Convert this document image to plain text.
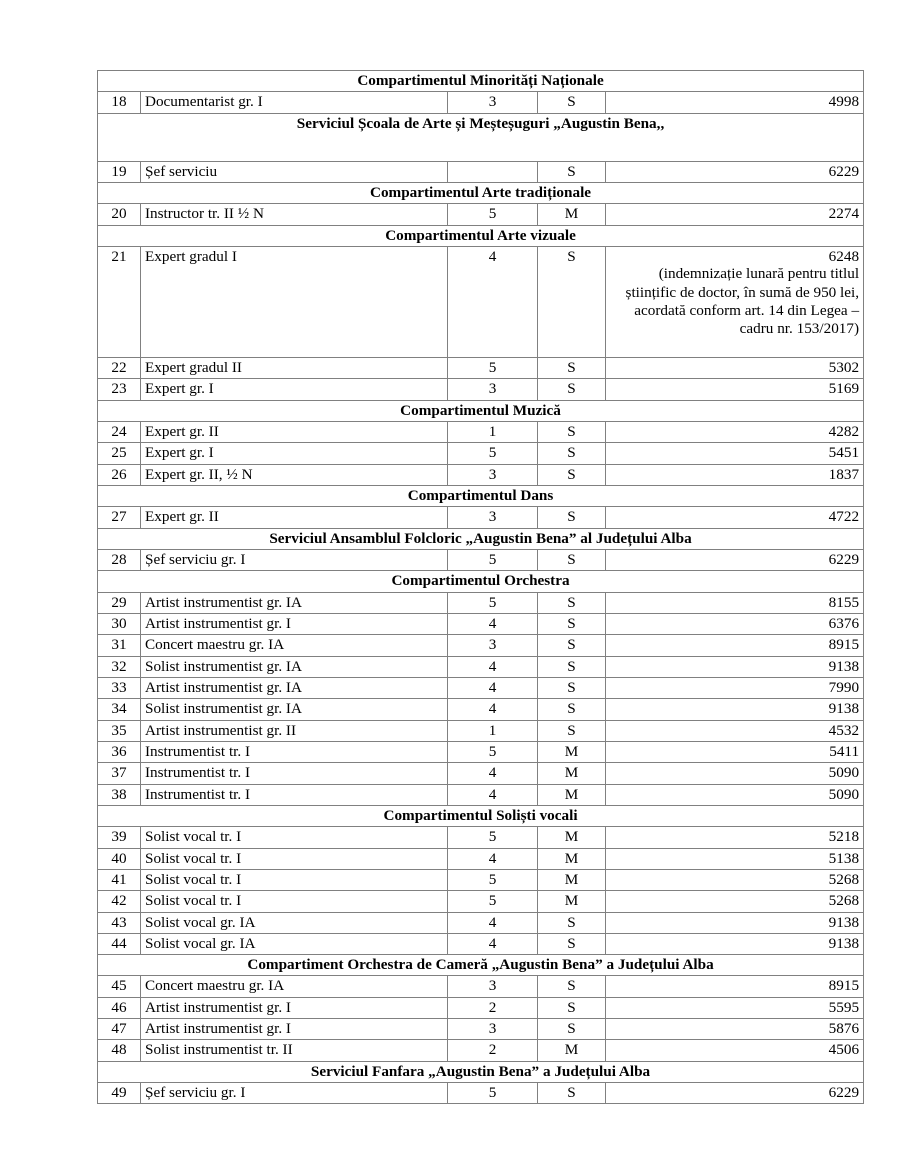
Compartimentul Minorități Naționale				
18	Documentarist gr. I	3	S	4998

Serviciul Școala de Arte și Meșteșuguri „Augustin Bena,,				
19	Șef serviciu		S	6229

Compartimentul Arte tradiționale				
20	Instructor tr. II ½ N	5	M	2274

Compartimentul Arte vizuale				
21	Expert gradul I	4	S	6248
(indemnizație lunară pentru titlul științific de doctor, în sumă de 950 lei, acordată conform art. 14 din Legea – cadru nr. 153/2017)

22	Expert gradul II	5	S	5302

23	Expert gr. I	3	S	5169

Compartimentul Muzică				
24	Expert gr. II	1	S	4282

25	Expert gr. I	5	S	5451

26	Expert gr. II, ½ N	3	S	1837

Compartimentul Dans				
27	Expert gr. II	3	S	4722

Serviciul Ansamblul Folcloric „Augustin Bena” al Județului Alba				
28	Șef serviciu gr. I	5	S	6229

Compartimentul Orchestra				
29	Artist instrumentist gr. IA	5	S	8155

30	Artist instrumentist gr. I	4	S	6376

31	Concert maestru gr. IA	3	S	8915

32	Solist instrumentist gr. IA	4	S	9138

33	Artist instrumentist gr. IA	4	S	7990

34	Solist instrumentist gr. IA	4	S	9138

35	Artist instrumentist gr. II	1	S	4532

36	Instrumentist tr. I	5	M	5411

37	Instrumentist tr. I	4	M	5090

38	Instrumentist tr. I	4	M	5090

Compartimentul Soliști vocali				
39	Solist vocal tr. I	5	M	5218

40	Solist vocal tr. I	4	M	5138

41	Solist vocal tr. I	5	M	5268

42	Solist vocal tr. I	5	M	5268

43	Solist vocal gr. IA	4	S	9138

44	Solist vocal gr. IA	4	S	9138

Compartiment Orchestra de Cameră „Augustin Bena” a Județului Alba				
45	Concert maestru gr. IA	3	S	8915

46	Artist instrumentist gr. I	2	S	5595

47	Artist instrumentist gr. I	3	S	5876

48	Solist instrumentist tr. II	2	M	4506

Serviciul Fanfara „Augustin Bena” a Județului Alba				
49	Șef serviciu gr. I	5	S	6229
